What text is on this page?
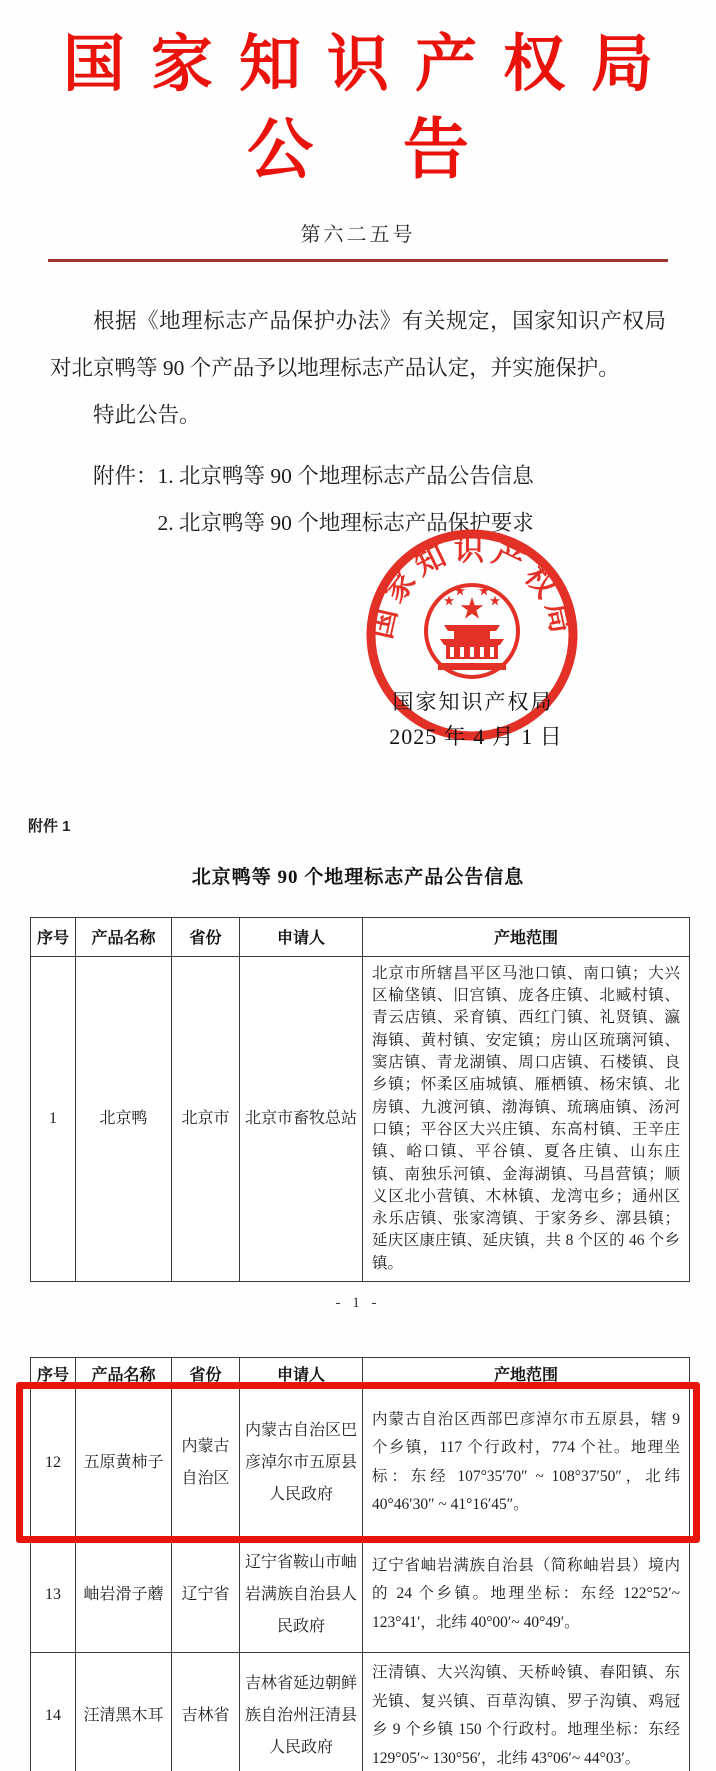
国家知识产权局
公　告
第六二五号

根据《地理标志产品保护办法》有关规定，国家知识产权局对北京鸭等 90 个产品予以地理标志产品认定，并实施保护。

特此公告。

附件： 1. 北京鸭等 90 个地理标志产品公告信息
2. 北京鸭等 90 个地理标志产品保护要求
国家知识产权局
国家知识产权局
2025 年 4 月 1 日
附件 1
北京鸭等 90 个地理标志产品公告信息
序号	产品名称	省份	申请人	产地范围
1	北京鸭	北京市	北京市畜牧总站	北京市所辖昌平区马池口镇、南口镇；大兴区榆垡镇、旧宫镇、庞各庄镇、北臧村镇、青云店镇、采育镇、西红门镇、礼贤镇、瀛海镇、黄村镇、安定镇；房山区琉璃河镇、窦店镇、青龙湖镇、周口店镇、石楼镇、良乡镇；怀柔区庙城镇、雁栖镇、杨宋镇、北房镇、九渡河镇、渤海镇、琉璃庙镇、汤河口镇；平谷区大兴庄镇、东高村镇、王辛庄镇、峪口镇、平谷镇、夏各庄镇、山东庄镇、南独乐河镇、金海湖镇、马昌营镇；顺义区北小营镇、木林镇、龙湾屯乡；通州区永乐店镇、张家湾镇、于家务乡、漷县镇；延庆区康庄镇、延庆镇，共 8 个区的 46 个乡镇。
- 1 -
序号	产品名称	省份	申请人	产地范围
12	五原黄柿子	内蒙古自治区	内蒙古自治区巴彦淖尔市五原县人民政府	内蒙古自治区西部巴彦淖尔市五原县，辖 9 个乡镇，117 个行政村，774 个社。地理坐标：东经 107°35′70″ ~ 108°37′50″，北纬 40°46′30″ ~ 41°16′45″。
13	岫岩滑子蘑	辽宁省	辽宁省鞍山市岫岩满族自治县人民政府	辽宁省岫岩满族自治县（简称岫岩县）境内的 24 个乡镇。地理坐标：东经 122°52′~ 123°41′，北纬 40°00′~ 40°49′。
14	汪清黑木耳	吉林省	吉林省延边朝鲜族自治州汪清县人民政府	汪清镇、大兴沟镇、天桥岭镇、春阳镇、东光镇、复兴镇、百草沟镇、罗子沟镇、鸡冠乡 9 个乡镇 150 个行政村。地理坐标：东经 129°05′~ 130°56′，北纬 43°06′~ 44°03′。
